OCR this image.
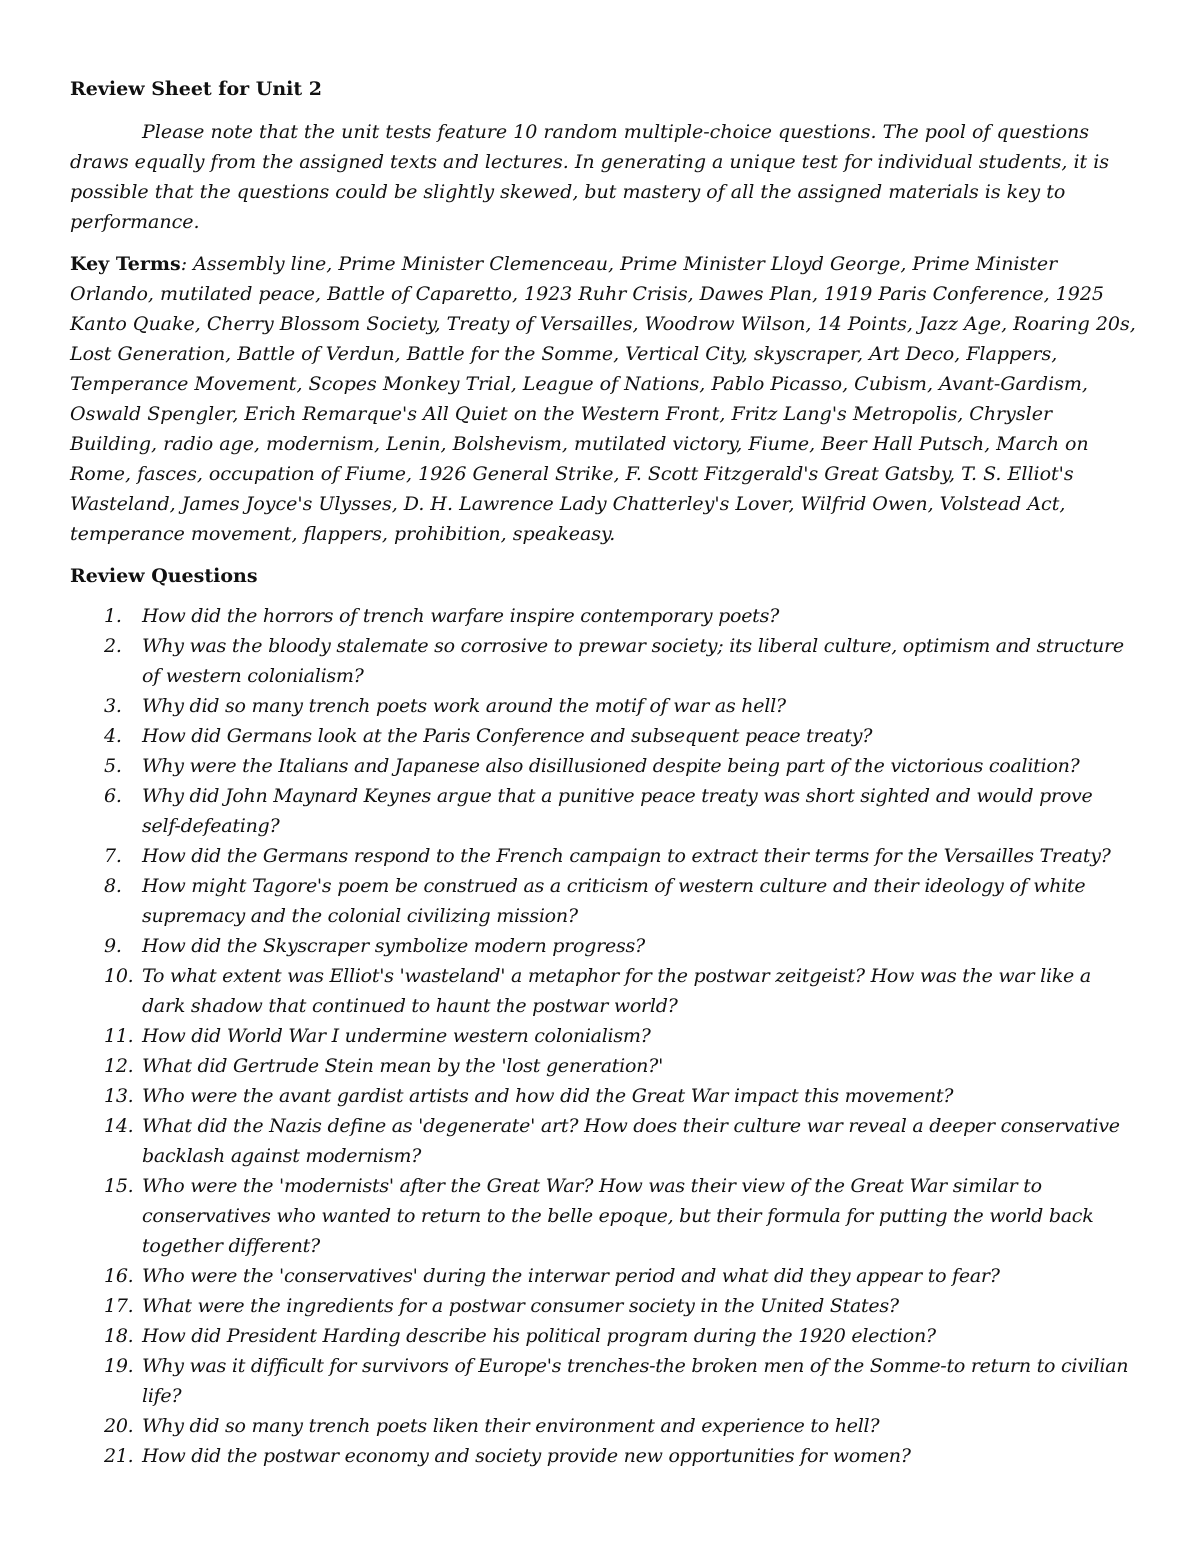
Review Sheet for Unit 2

Please note that the unit tests feature 10 random multiple-choice questions. The pool of questions draws equally from the assigned texts and lectures. In generating a unique test for individual students, it is possible that the questions could be slightly skewed, but mastery of all the assigned materials is key to performance.

Key Terms: Assembly line, Prime Minister Clemenceau, Prime Minister Lloyd George, Prime Minister Orlando, mutilated peace, Battle of Caparetto, 1923 Ruhr Crisis, Dawes Plan, 1919 Paris Conference, 1925 Kanto Quake, Cherry Blossom Society, Treaty of Versailles, Woodrow Wilson, 14 Points, Jazz Age, Roaring 20s, Lost Generation, Battle of Verdun, Battle for the Somme, Vertical City, skyscraper, Art Deco, Flappers, Temperance Movement, Scopes Monkey Trial, League of Nations, Pablo Picasso, Cubism, Avant-Gardism, Oswald Spengler, Erich Remarque's All Quiet on the Western Front, Fritz Lang's Metropolis, Chrysler Building, radio age, modernism, Lenin, Bolshevism, mutilated victory, Fiume, Beer Hall Putsch, March on Rome, fasces, occupation of Fiume, 1926 General Strike, F. Scott Fitzgerald's Great Gatsby, T. S. Elliot's Wasteland, James Joyce's Ulysses, D. H. Lawrence Lady Chatterley's Lover, Wilfrid Owen, Volstead Act, temperance movement, flappers, prohibition, speakeasy.

Review Questions
1. How did the horrors of trench warfare inspire contemporary poets?
2. Why was the bloody stalemate so corrosive to prewar society; its liberal culture, optimism and structure of western colonialism?
3. Why did so many trench poets work around the motif of war as hell?
4. How did Germans look at the Paris Conference and subsequent peace treaty?
5. Why were the Italians and Japanese also disillusioned despite being part of the victorious coalition?
6. Why did John Maynard Keynes argue that a punitive peace treaty was short sighted and would prove self-defeating?
7. How did the Germans respond to the French campaign to extract their terms for the Versailles Treaty?
8. How might Tagore's poem be construed as a criticism of western culture and their ideology of white supremacy and the colonial civilizing mission?
9. How did the Skyscraper symbolize modern progress?
10. To what extent was Elliot's 'wasteland' a metaphor for the postwar zeitgeist? How was the war like a dark shadow that continued to haunt the postwar world?
11. How did World War I undermine western colonialism?
12. What did Gertrude Stein mean by the 'lost generation?'
13. Who were the avant gardist artists and how did the Great War impact this movement?
14. What did the Nazis define as 'degenerate' art? How does their culture war reveal a deeper conservative backlash against modernism?
15. Who were the 'modernists' after the Great War? How was their view of the Great War similar to conservatives who wanted to return to the belle epoque, but their formula for putting the world back together different?
16. Who were the 'conservatives' during the interwar period and what did they appear to fear?
17. What were the ingredients for a postwar consumer society in the United States?
18. How did President Harding describe his political program during the 1920 election?
19. Why was it difficult for survivors of Europe's trenches-the broken men of the Somme-to return to civilian life?
20. Why did so many trench poets liken their environment and experience to hell?
21. How did the postwar economy and society provide new opportunities for women?
